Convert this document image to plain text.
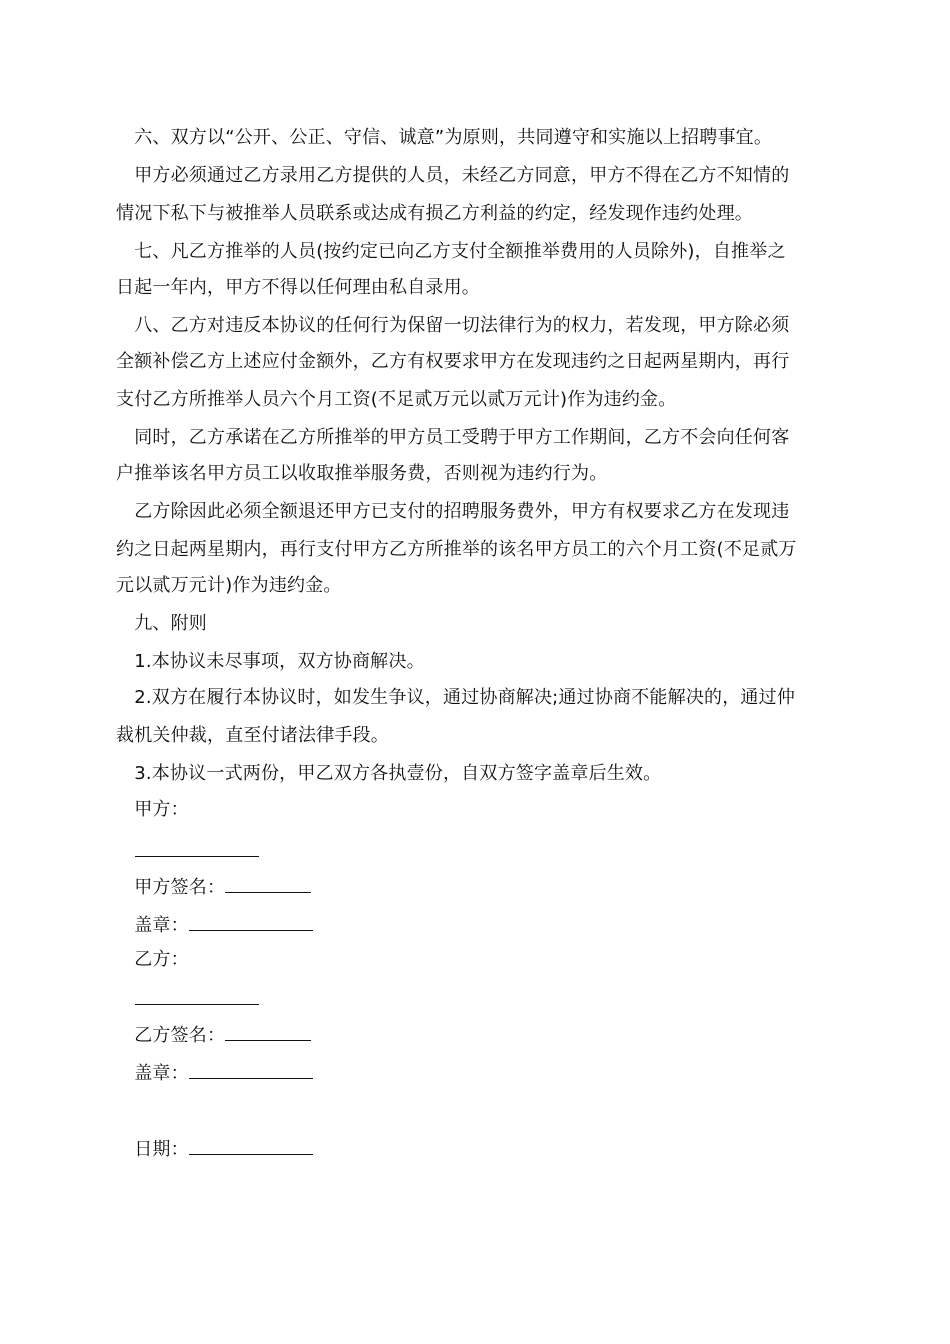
　六、双方以“公开、公正、守信、诚意”为原则，共同遵守和实施以上招聘事宜。
　甲方必须通过乙方录用乙方提供的人员，未经乙方同意，甲方不得在乙方不知情的
情况下私下与被推举人员联系或达成有损乙方利益的约定，经发现作违约处理。
　七、凡乙方推举的人员(按约定已向乙方支付全额推举费用的人员除外)，自推举之
日起一年内，甲方不得以任何理由私自录用。
　八、乙方对违反本协议的任何行为保留一切法律行为的权力，若发现，甲方除必须
全额补偿乙方上述应付金额外，乙方有权要求甲方在发现违约之日起两星期内，再行
支付乙方所推举人员六个月工资(不足贰万元以贰万元计)作为违约金。
　同时，乙方承诺在乙方所推举的甲方员工受聘于甲方工作期间，乙方不会向任何客
户推举该名甲方员工以收取推举服务费，否则视为违约行为。
　乙方除因此必须全额退还甲方已支付的招聘服务费外，甲方有权要求乙方在发现违
约之日起两星期内，再行支付甲方乙方所推举的该名甲方员工的六个月工资(不足贰万
元以贰万元计)作为违约金。
　九、附则
　1.本协议未尽事项，双方协商解决。
　2.双方在履行本协议时，如发生争议，通过协商解决;通过协商不能解决的，通过仲
裁机关仲裁，直至付诸法律手段。
　3.本协议一式两份，甲乙双方各执壹份，自双方签字盖章后生效。
　甲方：
　甲方签名：
　盖章：
　乙方：
　乙方签名：
　盖章：
　日期：
